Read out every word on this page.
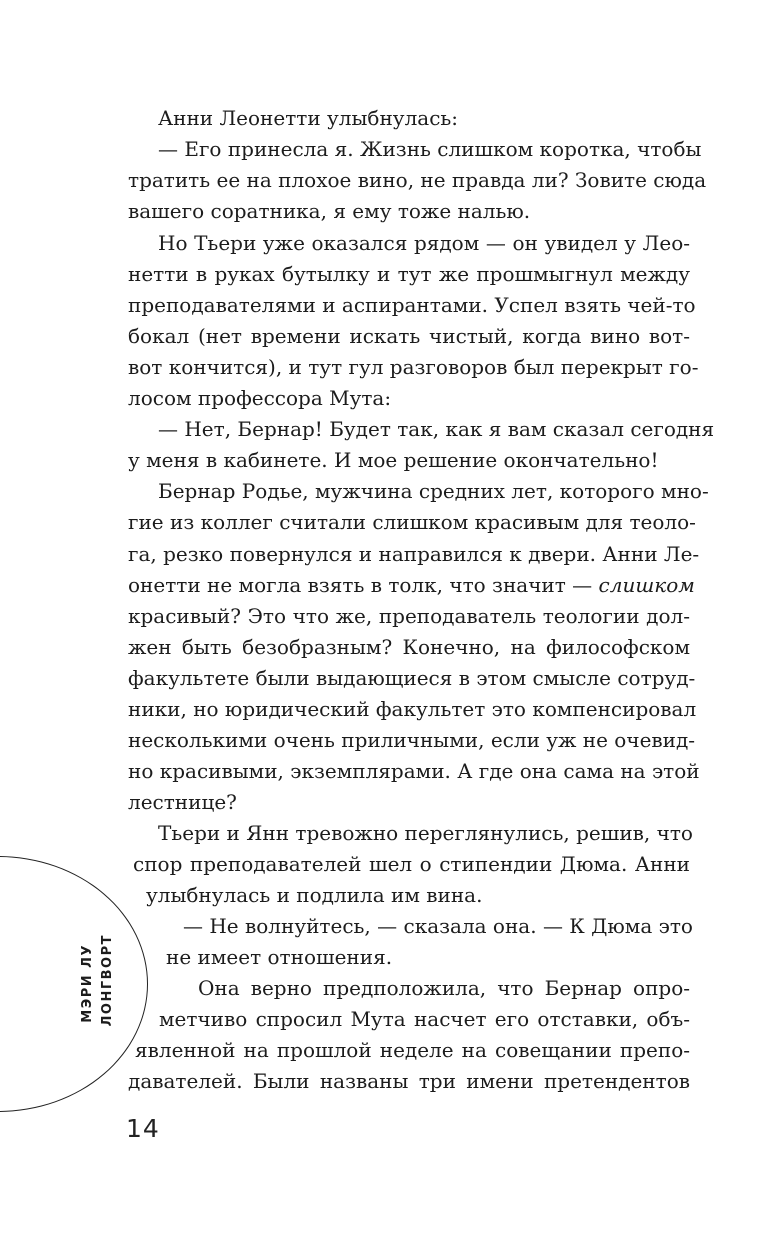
Анни Леонетти улыбнулась:
— Его принесла я. Жизнь слишком коротка, чтобы
тратить ее на плохое вино, не правда ли? Зовите сюда
вашего соратника, я ему тоже налью.
Но Тьери уже оказался рядом — он увидел у Лео-
нетти в руках бутылку и тут же прошмыгнул между
преподавателями и аспирантами. Успел взять чей-то
бокал (нет времени искать чистый, когда вино вот-
вот кончится), и тут гул разговоров был перекрыт го-
лосом профессора Мута:
— Нет, Бернар! Будет так, как я вам сказал сегодня
у меня в кабинете. И мое решение окончательно!
Бернар Родье, мужчина средних лет, которого мно-
гие из коллег считали слишком красивым для теоло-
га, резко повернулся и направился к двери. Анни Ле-
онетти не могла взять в толк, что значит — слишком
красивый? Это что же, преподаватель теологии дол-
жен быть безобразным? Конечно, на философском
факультете были выдающиеся в этом смысле сотруд-
ники, но юридический факультет это компенсировал
несколькими очень приличными, если уж не очевид-
но красивыми, экземплярами. А где она сама на этой
лестнице?
Тьери и Янн тревожно переглянулись, решив, что
спор преподавателей шел о стипендии Дюма. Анни
улыбнулась и подлила им вина.
— Не волнуйтесь, — сказала она. — К Дюма это
не имеет отношения.
Она верно предположила, что Бернар опро-
метчиво спросил Мута насчет его отставки, объ-
явленной на прошлой неделе на совещании препо-
давателей. Были названы три имени претендентов
МЭРИ ЛУ ЛОНГВОРТ
14
